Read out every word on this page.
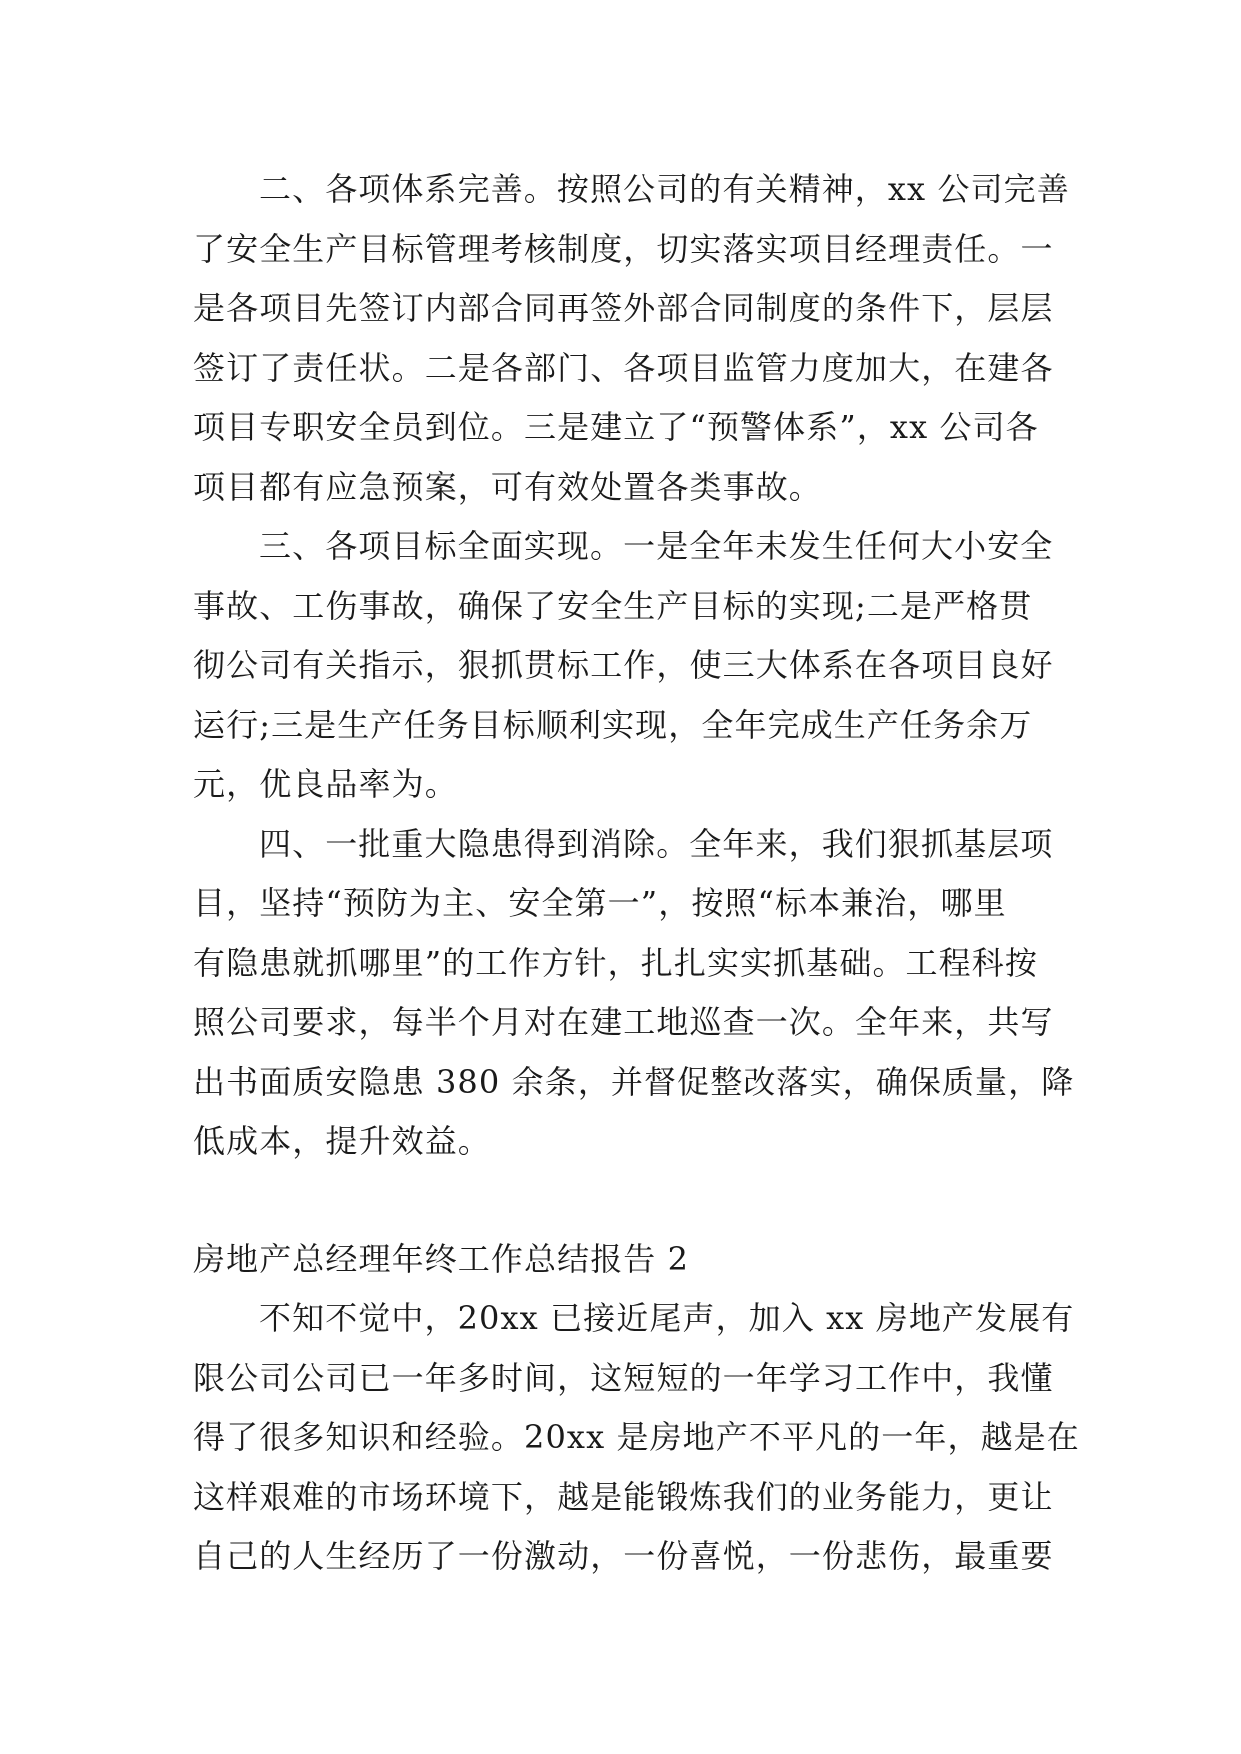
二、各项体系完善。按照公司的有关精神，xx 公司完善
了安全生产目标管理考核制度，切实落实项目经理责任。一
是各项目先签订内部合同再签外部合同制度的条件下，层层
签订了责任状。二是各部门、各项目监管力度加大，在建各
项目专职安全员到位。三是建立了“预警体系”，xx 公司各
项目都有应急预案，可有效处置各类事故。
三、各项目标全面实现。一是全年未发生任何大小安全
事故、工伤事故，确保了安全生产目标的实现;二是严格贯
彻公司有关指示，狠抓贯标工作，使三大体系在各项目良好
运行;三是生产任务目标顺利实现，全年完成生产任务余万
元，优良品率为。
四、一批重大隐患得到消除。全年来，我们狠抓基层项
目，坚持“预防为主、安全第一”，按照“标本兼治，哪里
有隐患就抓哪里”的工作方针，扎扎实实抓基础。工程科按
照公司要求，每半个月对在建工地巡查一次。全年来，共写
出书面质安隐患 380 余条，并督促整改落实，确保质量，降
低成本，提升效益。
房地产总经理年终工作总结报告 2
不知不觉中，20xx 已接近尾声，加入 xx 房地产发展有
限公司公司已一年多时间，这短短的一年学习工作中，我懂
得了很多知识和经验。20xx 是房地产不平凡的一年，越是在
这样艰难的市场环境下，越是能锻炼我们的业务能力，更让
自己的人生经历了一份激动，一份喜悦，一份悲伤，最重要
